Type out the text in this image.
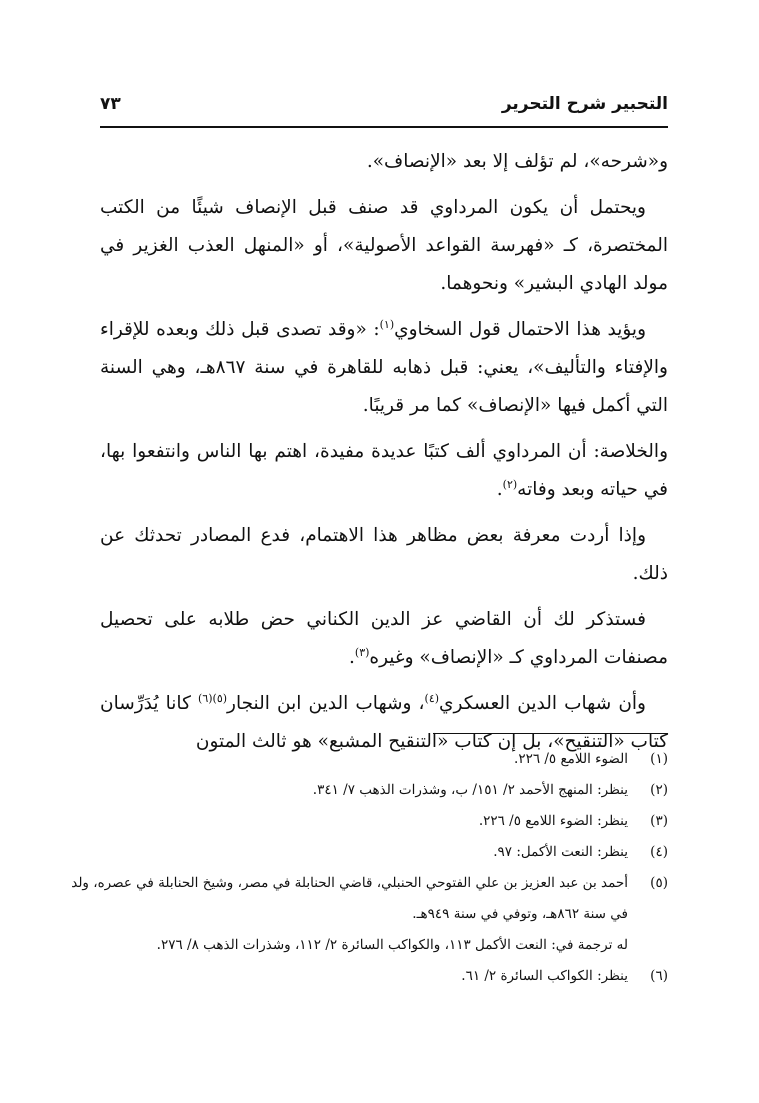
التحبير شرح التحرير
٧٣

و«شرحه»، لم تؤلف إلا بعد «الإنصاف».

ويحتمل أن يكون المرداوي قد صنف قبل الإنصاف شيئًا من الكتب المختصرة، كـ «فهرسة القواعد الأصولية»، أو «المنهل العذب الغزير في مولد الهادي البشير» ونحوهما.

ويؤيد هذا الاحتمال قول السخاوي$^{(١)}$: «وقد تصدى قبل ذلك وبعده للإقراء والإفتاء والتأليف»، يعني: قبل ذهابه للقاهرة في سنة ٨٦٧هـ، وهي السنة التي أكمل فيها «الإنصاف» كما مر قريبًا.

والخلاصة: أن المرداوي ألف كتبًا عديدة مفيدة، اهتم بها الناس وانتفعوا بها، في حياته وبعد وفاته$^{(٢)}$.

وإذا أردت معرفة بعض مظاهر هذا الاهتمام، فدع المصادر تحدثك عن ذلك.

فستذكر لك أن القاضي عز الدين الكناني حض طلابه على تحصيل مصنفات المرداوي كـ «الإنصاف» وغيره$^{(٣)}$.

وأن شهاب الدين العسكري$^{(٤)}$، وشهاب الدين ابن النجار$^{(٥)(٦)}$ كانا يُدَرِّسان كتاب «التنقيح»، بل إن كتاب «التنقيح المشبع» هو ثالث المتون

(١)
الضوء اللامع ٥/ ٢٢٦.
(٢)
ينظر: المنهج الأحمد ٢/ ١٥١/ ب، وشذرات الذهب ٧/ ٣٤١.
(٣)
ينظر: الضوء اللامع ٥/ ٢٢٦.
(٤)
ينظر: النعت الأكمل: ٩٧.
(٥)
أحمد بن عبد العزيز بن علي الفتوحي الحنبلي، قاضي الحنابلة في مصر، وشيخ الحنابلة في عصره، ولد في سنة ٨٦٢هـ، وتوفي في سنة ٩٤٩هـ.
له ترجمة في: النعت الأكمل ١١٣، والكواكب السائرة ٢/ ١١٢، وشذرات الذهب ٨/ ٢٧٦.
(٦)
ينظر: الكواكب السائرة ٢/ ٦١.
